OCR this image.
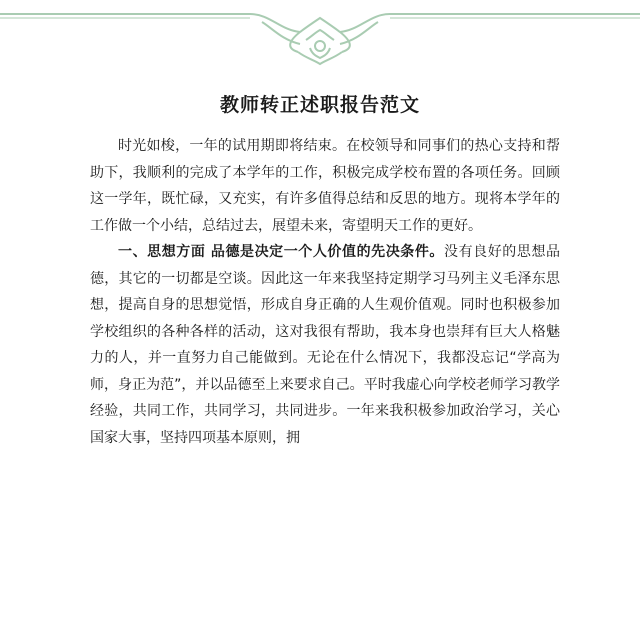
教师转正述职报告范文

时光如梭，一年的试用期即将结束。在校领导和同事们的热心支持和帮助下，我顺利的完成了本学年的工作，积极完成学校布置的各项任务。回顾这一学年，既忙碌，又充实，有许多值得总结和反思的地方。现将本学年的工作做一个小结，总结过去，展望未来，寄望明天工作的更好。

一、思想方面 品德是决定一个人价值的先决条件。没有良好的思想品德，其它的一切都是空谈。因此这一年来我坚持定期学习马列主义毛泽东思想，提高自身的思想觉悟，形成自身正确的人生观价值观。同时也积极参加学校组织的各种各样的活动，这对我很有帮助，我本身也崇拜有巨大人格魅力的人，并一直努力自己能做到。无论在什么情况下，我都没忘记“学高为师，身正为范”，并以品德至上来要求自己。平时我虚心向学校老师学习教学经验，共同工作，共同学习，共同进步。一年来我积极参加政治学习，关心国家大事，坚持四项基本原则，拥
